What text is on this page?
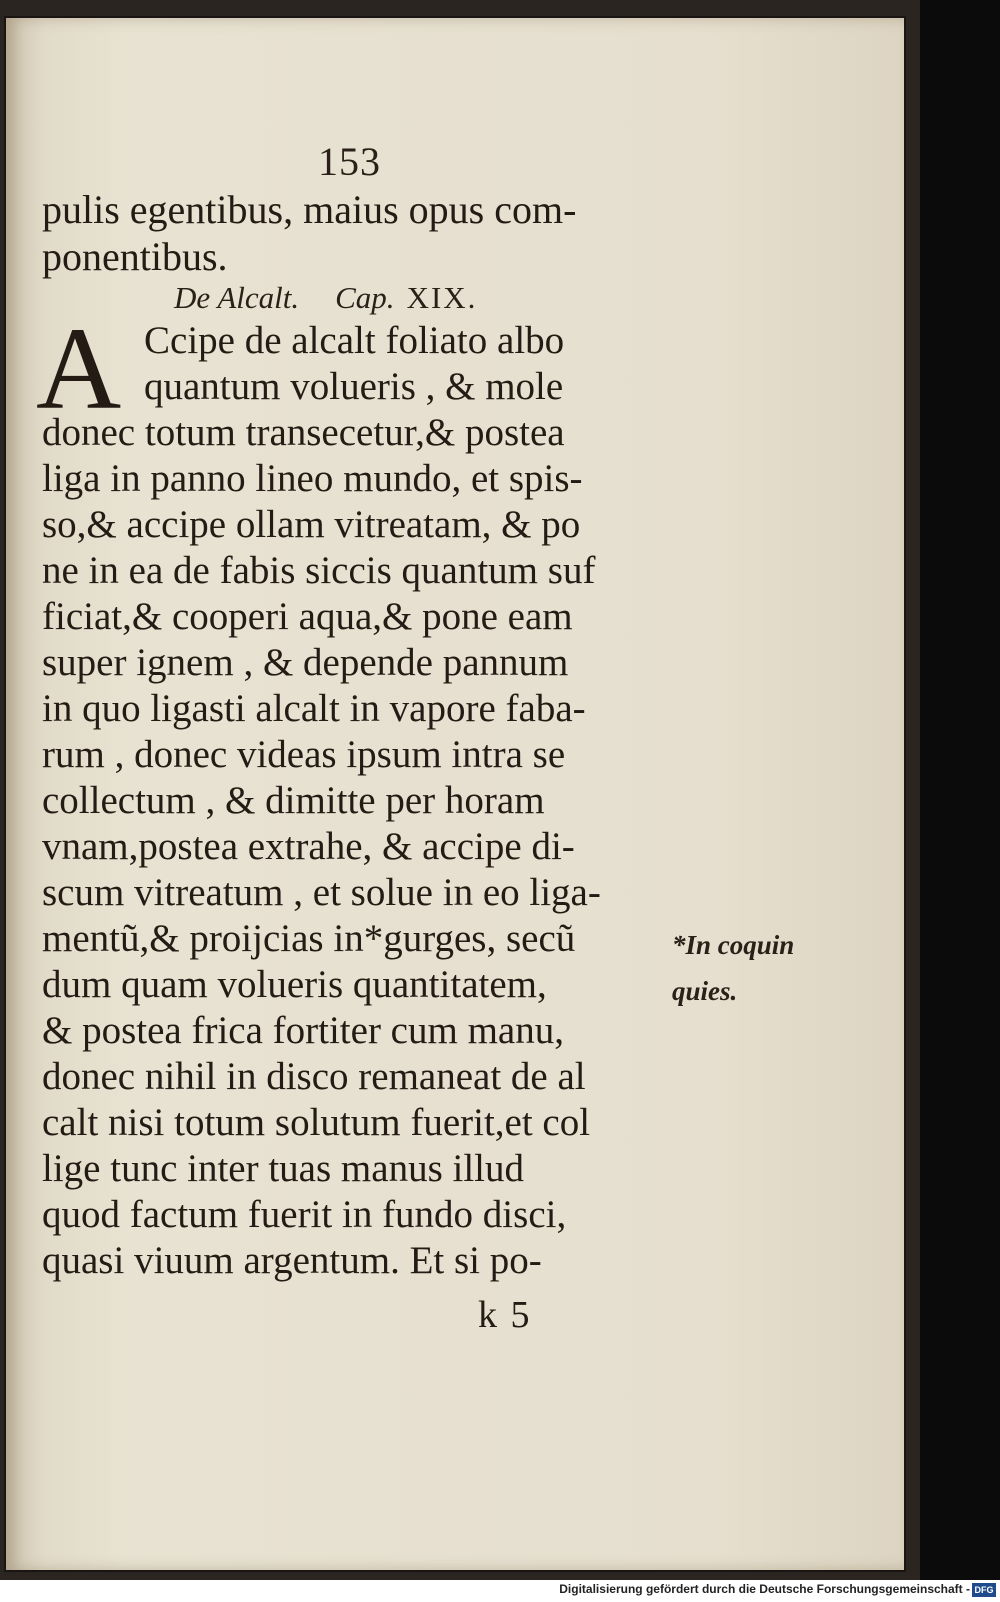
153
pulis egentibus, maius opus com-
ponentibus.
De Alcalt. Cap. XIX.
A Ccipe de alcalt foliato albo
quantum volueris , & mole
donec totum transecetur,& postea
liga in panno lineo mundo, et spis-
so,& accipe ollam vitreatam, & po
ne in ea de fabis siccis quantum suf
ficiat,& cooperi aqua,& pone eam
super ignem , & depende pannum
in quo ligasti alcalt in vapore faba-
rum , donec videas ipsum intra se
collectum , & dimitte per horam
vnam,postea extrahe, & accipe di-
scum vitreatum , et solue in eo liga-
mentũ,& proijcias in*gurges, secũ
dum quam volueris quantitatem,
& postea frica fortiter cum manu,
donec nihil in disco remaneat de al
calt nisi totum solutum fuerit,et col
lige tunc inter tuas manus illud
quod factum fuerit in fundo disci,
quasi viuum argentum. Et si po-
*In coquin
quies.
k 5
Digitalisierung gefördert durch die Deutsche Forschungsgemeinschaft - DFG
